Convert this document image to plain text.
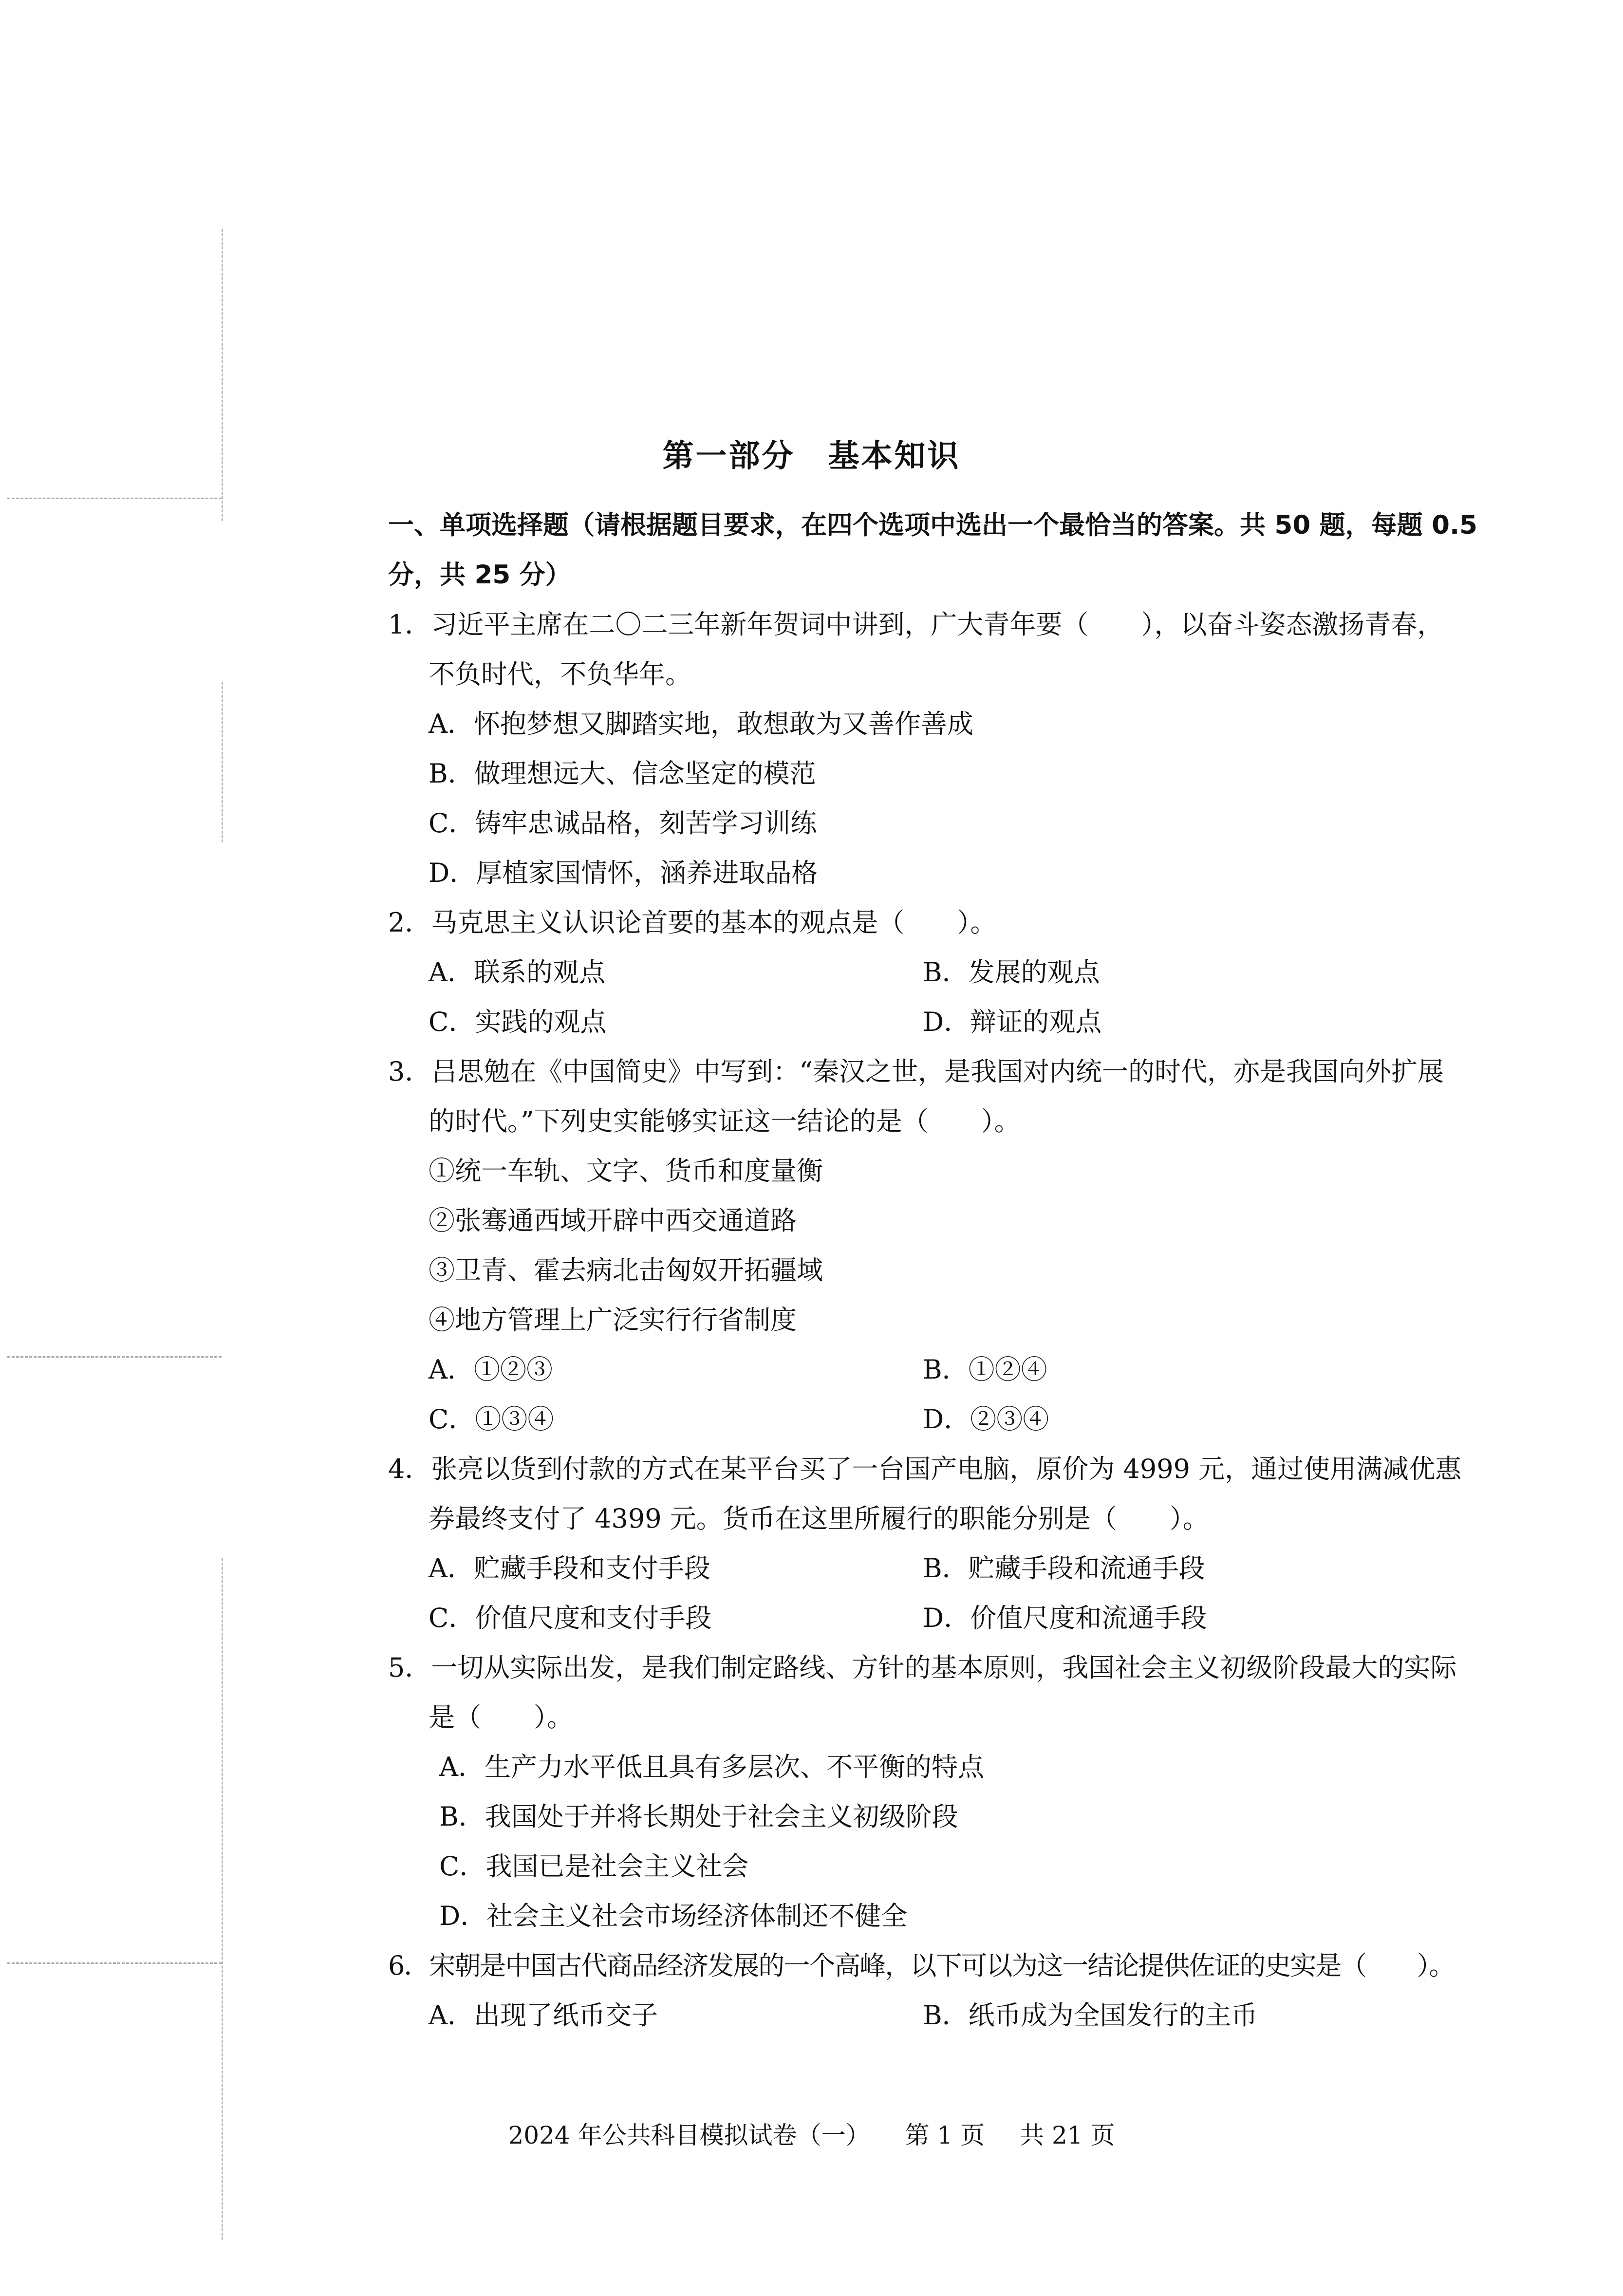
第一部分　基本知识
一、单项选择题（请根据题目要求，在四个选项中选出一个最恰当的答案。共 50 题，每题 0.5
分，共 25 分）
1．习近平主席在二〇二三年新年贺词中讲到，广大青年要（　　），以奋斗姿态激扬青春，
不负时代，不负华年。
A．怀抱梦想又脚踏实地，敢想敢为又善作善成
B．做理想远大、信念坚定的模范
C．铸牢忠诚品格，刻苦学习训练
D．厚植家国情怀，涵养进取品格
2．马克思主义认识论首要的基本的观点是（　　）。
A．联系的观点	B．发展的观点
C．实践的观点	D．辩证的观点
3．吕思勉在《中国简史》中写到：“秦汉之世，是我国对内统一的时代，亦是我国向外扩展
的时代。”下列史实能够实证这一结论的是（　　）。
①统一车轨、文字、货币和度量衡
②张骞通西域开辟中西交通道路
③卫青、霍去病北击匈奴开拓疆域
④地方管理上广泛实行行省制度
A．①②③	B．①②④
C．①③④	D．②③④
4．张亮以货到付款的方式在某平台买了一台国产电脑，原价为 4999 元，通过使用满减优惠
券最终支付了 4399 元。货币在这里所履行的职能分别是（　　）。
A．贮藏手段和支付手段	B．贮藏手段和流通手段
C．价值尺度和支付手段	D．价值尺度和流通手段
5．一切从实际出发，是我们制定路线、方针的基本原则，我国社会主义初级阶段最大的实际
是（　　）。
A．生产力水平低且具有多层次、不平衡的特点
B．我国处于并将长期处于社会主义初级阶段
C．我国已是社会主义社会
D．社会主义社会市场经济体制还不健全
6．宋朝是中国古代商品经济发展的一个高峰，以下可以为这一结论提供佐证的史实是（　　）。
A．出现了纸币交子	B．纸币成为全国发行的主币
2024 年公共科目模拟试卷（一） 第 1 页 共 21 页
